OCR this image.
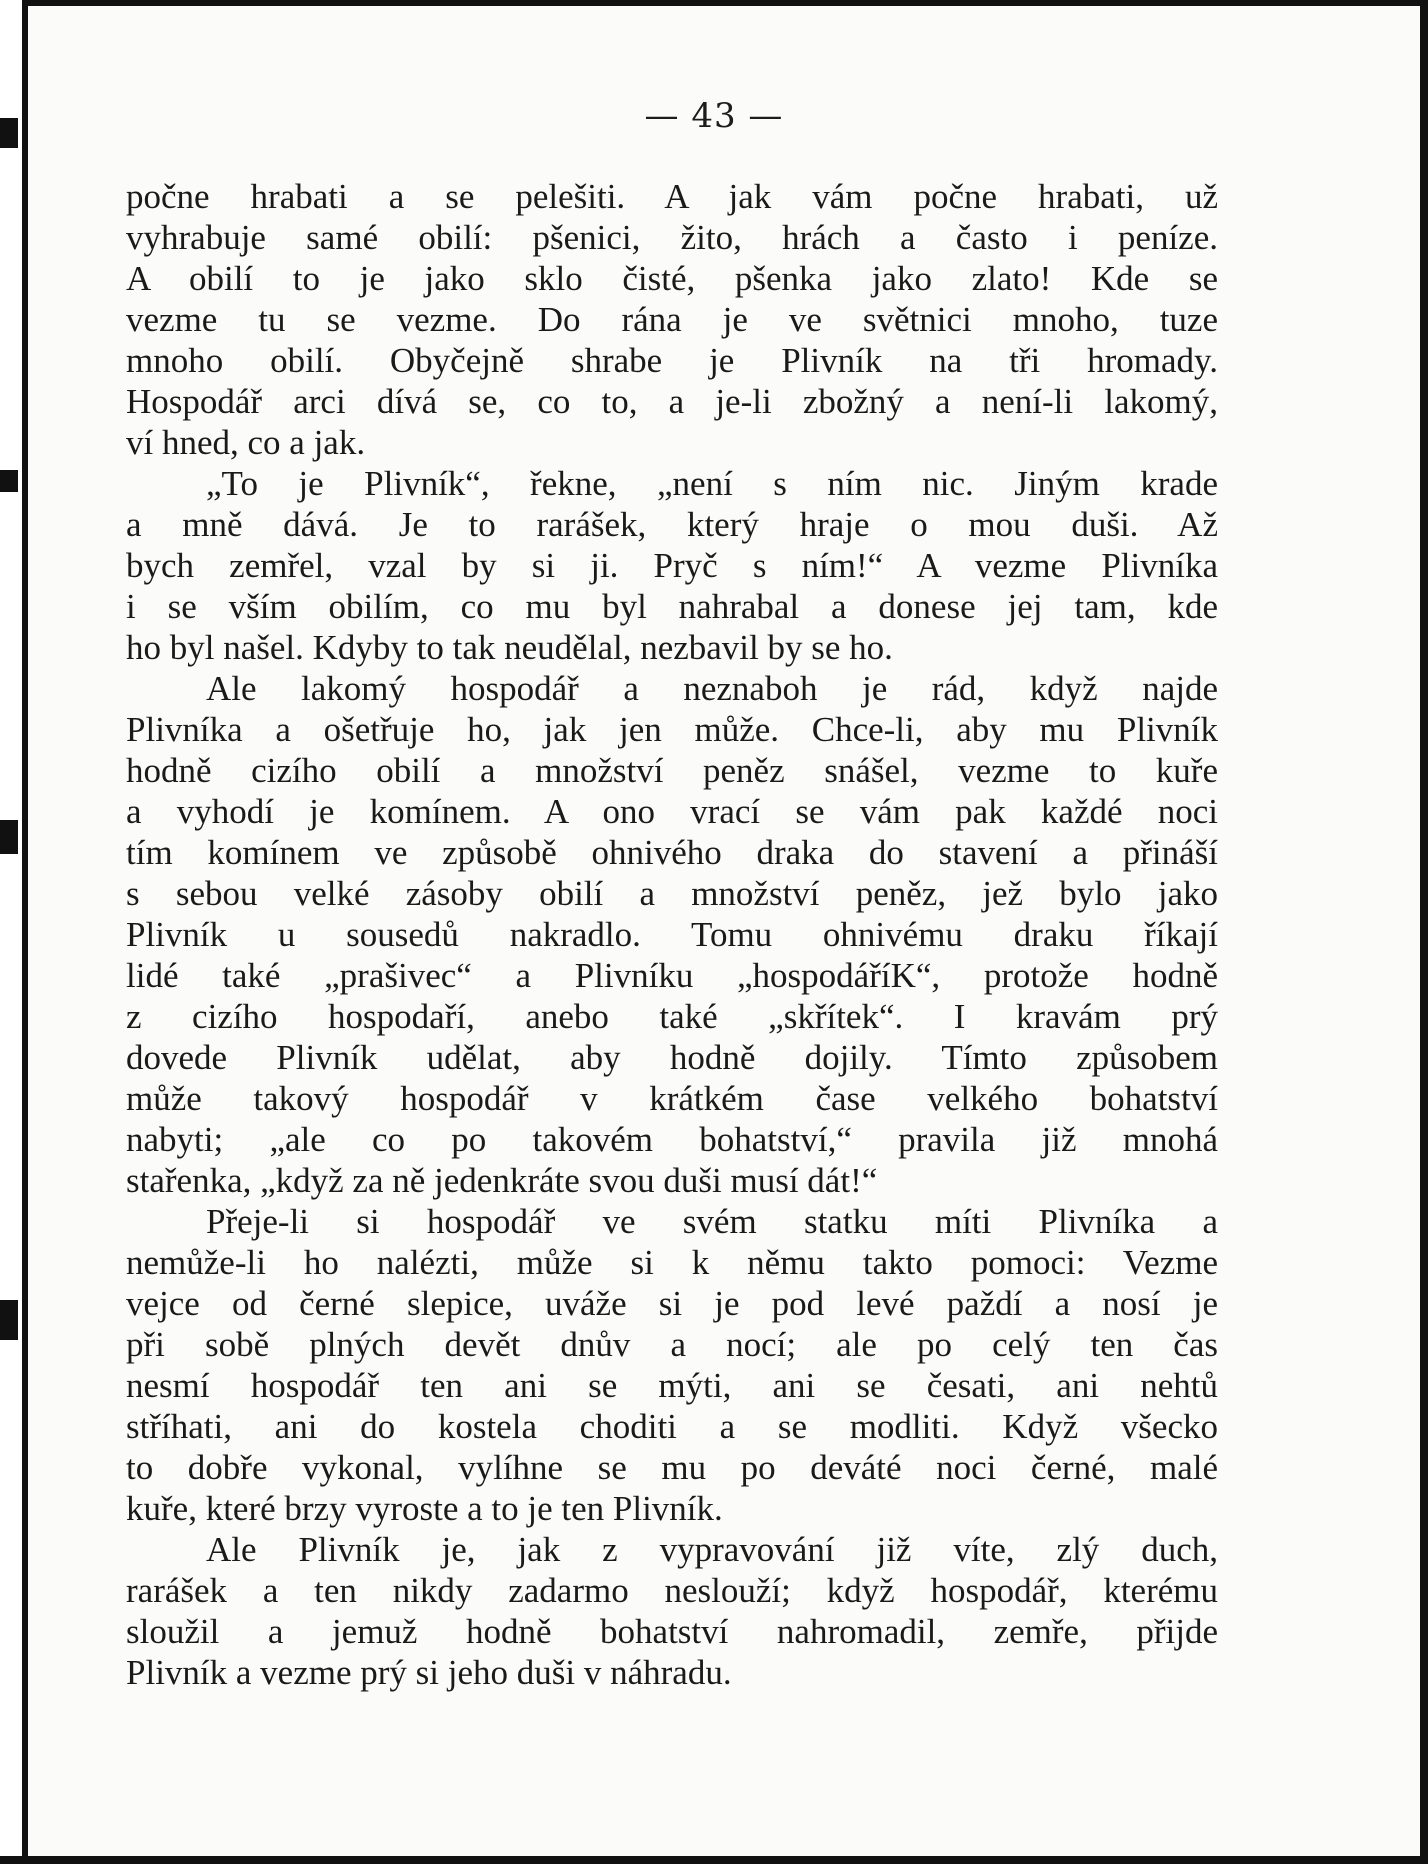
— 43 —
počne hrabati a se pelešiti. A jak vám počne hrabati, už
vyhrabuje samé obilí: pšenici, žito, hrách a často i peníze.
A obilí to je jako sklo čisté, pšenka jako zlato! Kde se
vezme tu se vezme. Do rána je ve světnici mnoho, tuze
mnoho obilí. Obyčejně shrabe je Plivník na tři hromady.
Hospodář arci dívá se, co to, a je-li zbožný a není-li lakomý,
ví hned, co a jak.
„To je Plivník“, řekne, „není s ním nic. Jiným krade
a mně dává. Je to rarášek, který hraje o mou duši. Až
bych zemřel, vzal by si ji. Pryč s ním!“ A vezme Plivníka
i se vším obilím, co mu byl nahrabal a donese jej tam, kde
ho byl našel. Kdyby to tak neudělal, nezbavil by se ho.
Ale lakomý hospodář a neznaboh je rád, když najde
Plivníka a ošetřuje ho, jak jen může. Chce-li, aby mu Plivník
hodně cizího obilí a množství peněz snášel, vezme to kuře
a vyhodí je komínem. A ono vrací se vám pak každé noci
tím komínem ve způsobě ohnivého draka do stavení a přináší
s sebou velké zásoby obilí a množství peněz, jež bylo jako
Plivník u sousedů nakradlo. Tomu ohnivému draku říkají
lidé také „prašivec“ a Plivníku „hospodáříK“, protože hodně
z cizího hospodaří, anebo také „skřítek“. I kravám prý
dovede Plivník udělat, aby hodně dojily. Tímto způsobem
může takový hospodář v krátkém čase velkého bohatství
nabyti; „ale co po takovém bohatství,“ pravila již mnohá
stařenka, „když za ně jedenkráte svou duši musí dát!“
Přeje-li si hospodář ve svém statku míti Plivníka a
nemůže-li ho nalézti, může si k němu takto pomoci: Vezme
vejce od černé slepice, uváže si je pod levé paždí a nosí je
při sobě plných devět dnův a nocí; ale po celý ten čas
nesmí hospodář ten ani se mýti, ani se česati, ani nehtů
stříhati, ani do kostela choditi a se modliti. Když všecko
to dobře vykonal, vylíhne se mu po deváté noci černé, malé
kuře, které brzy vyroste a to je ten Plivník.
Ale Plivník je, jak z vypravování již víte, zlý duch,
rarášek a ten nikdy zadarmo neslouží; když hospodář, kterému
sloužil a jemuž hodně bohatství nahromadil, zemře, přijde
Plivník a vezme prý si jeho duši v náhradu.
